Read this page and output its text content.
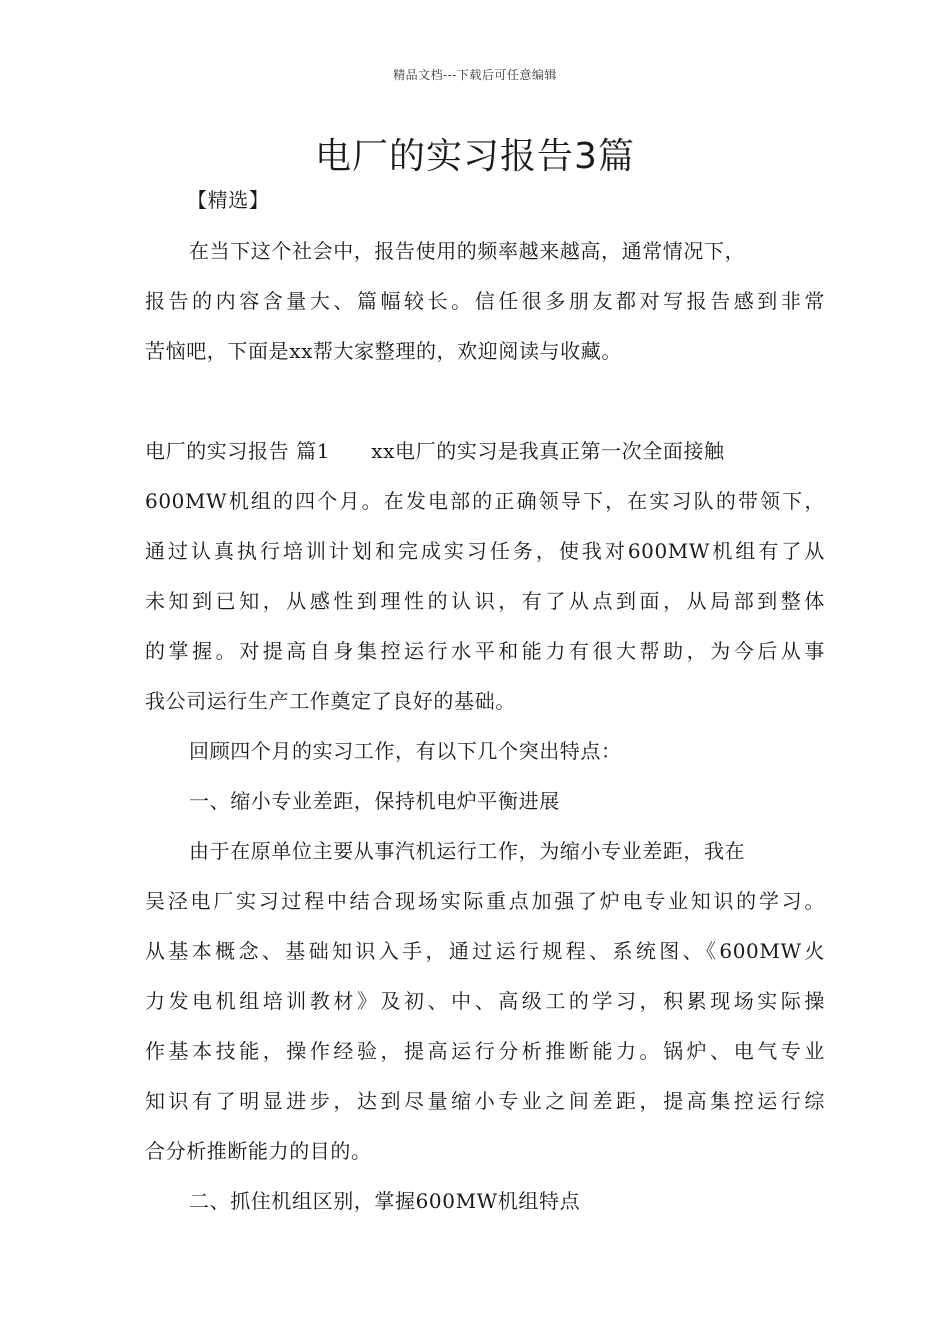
精品文档---下载后可任意编辑
电厂的实习报告3篇
【精选】
在当下这个社会中，报告使用的频率越来越高，通常情况下，
报告的内容含量大、篇幅较长。信任很多朋友都对写报告感到非常
苦恼吧，下面是xx帮大家整理的，欢迎阅读与收藏。
电厂的实习报告 篇1　　xx电厂的实习是我真正第一次全面接触
600MW机组的四个月。在发电部的正确领导下，在实习队的带领下，
通过认真执行培训计划和完成实习任务，使我对600MW机组有了从
未知到已知，从感性到理性的认识，有了从点到面，从局部到整体
的掌握。对提高自身集控运行水平和能力有很大帮助，为今后从事
我公司运行生产工作奠定了良好的基础。
回顾四个月的实习工作，有以下几个突出特点：
一、缩小专业差距，保持机电炉平衡进展
由于在原单位主要从事汽机运行工作，为缩小专业差距，我在
吴泾电厂实习过程中结合现场实际重点加强了炉电专业知识的学习。
从基本概念、基础知识入手，通过运行规程、系统图、《600MW火
力发电机组培训教材》及初、中、高级工的学习，积累现场实际操
作基本技能，操作经验，提高运行分析推断能力。锅炉、电气专业
知识有了明显进步，达到尽量缩小专业之间差距，提高集控运行综
合分析推断能力的目的。
二、抓住机组区别，掌握600MW机组特点
